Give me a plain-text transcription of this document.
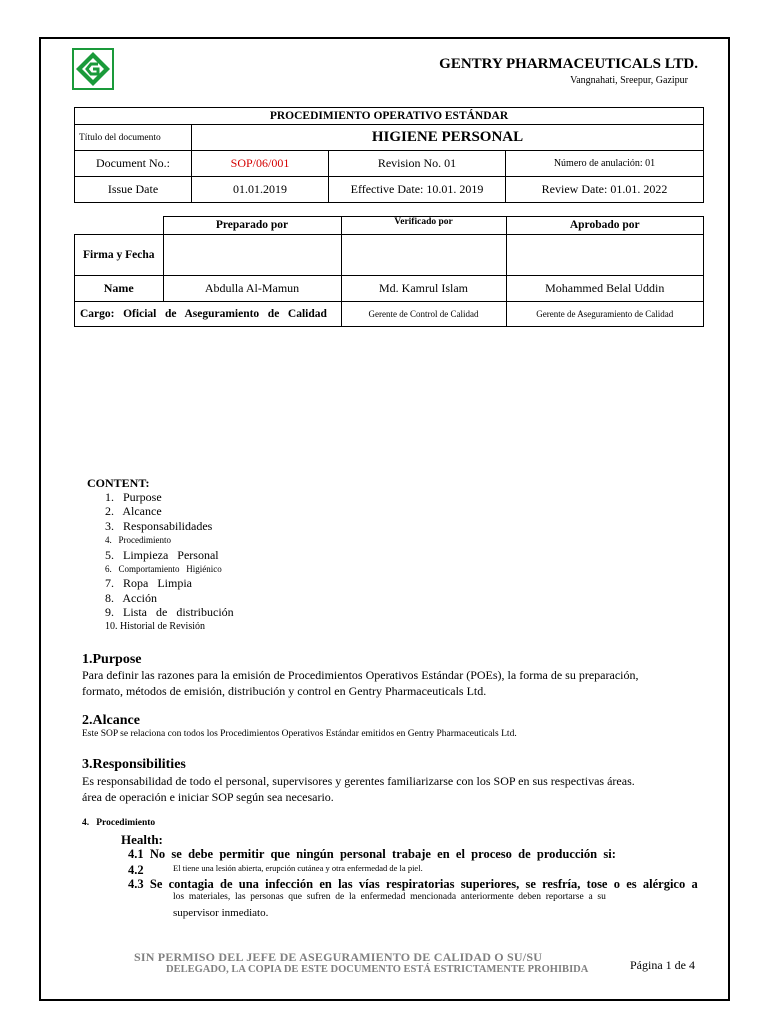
GENTRY PHARMACEUTICALS LTD.
Vangnahati, Sreepur, Gazipur
PROCEDIMIENTO OPERATIVO ESTÁNDAR			
Título del documento	HIGIENE PERSONAL		
Document No.:	SOP/06/001	Revision No. 01	Número de anulación: 01
Issue Date	01.01.2019	Effective Date: 10.01. 2019	Review Date: 01.01. 2022
	Preparado por	Verificado por	Aprobado por
Firma y Fecha			
Name	Abdulla Al-Mamun	Md. Kamrul Islam	Mohammed Belal Uddin
Cargo:   Oficial   de   Aseguramiento   de   Calidad		Gerente de Control de Calidad	Gerente de Aseguramiento de Calidad
CONTENT:
1.   Purpose
2.   Alcance
3.   Responsabilidades
4.   Procedimiento
5.   Limpieza   Personal
6.   Comportamiento   Higiénico
7.   Ropa   Limpia
8.   Acción
9.   Lista   de   distribución
10. Historial de Revisión
1.Purpose
Para definir las razones para la emisión de Procedimientos Operativos Estándar (POEs), la forma de su preparación,
formato, métodos de emisión, distribución y control en Gentry Pharmaceuticals Ltd.
2.Alcance
Este SOP se relaciona con todos los Procedimientos Operativos Estándar emitidos en Gentry Pharmaceuticals Ltd.
3.Responsibilities
Es responsabilidad de todo el personal, supervisores y gerentes familiarizarse con los SOP en sus respectivas áreas.
área de operación e iniciar SOP según sea necesario.
4.   Procedimiento
Health:
4.1  No  se  debe  permitir  que  ningún  personal  trabaje  en  el  proceso  de  producción  si:
4.2	El tiene una lesión abierta, erupción cutánea y otra enfermedad de la piel.
4.3  Se  contagia  de  una  infección  en  las  vías  respiratorias  superiores,  se  resfría,  tose  o  es  alérgico  a
los  materiales,  las  personas  que  sufren  de  la  enfermedad  mencionada  anteriormente  deben  reportarse  a  su
supervisor inmediato.
SIN PERMISO DEL JEFE DE ASEGURAMIENTO DE CALIDAD O SU/SU
DELEGADO, LA COPIA DE ESTE DOCUMENTO ESTÁ ESTRICTAMENTE PROHIBIDA	Página 1 de 4
